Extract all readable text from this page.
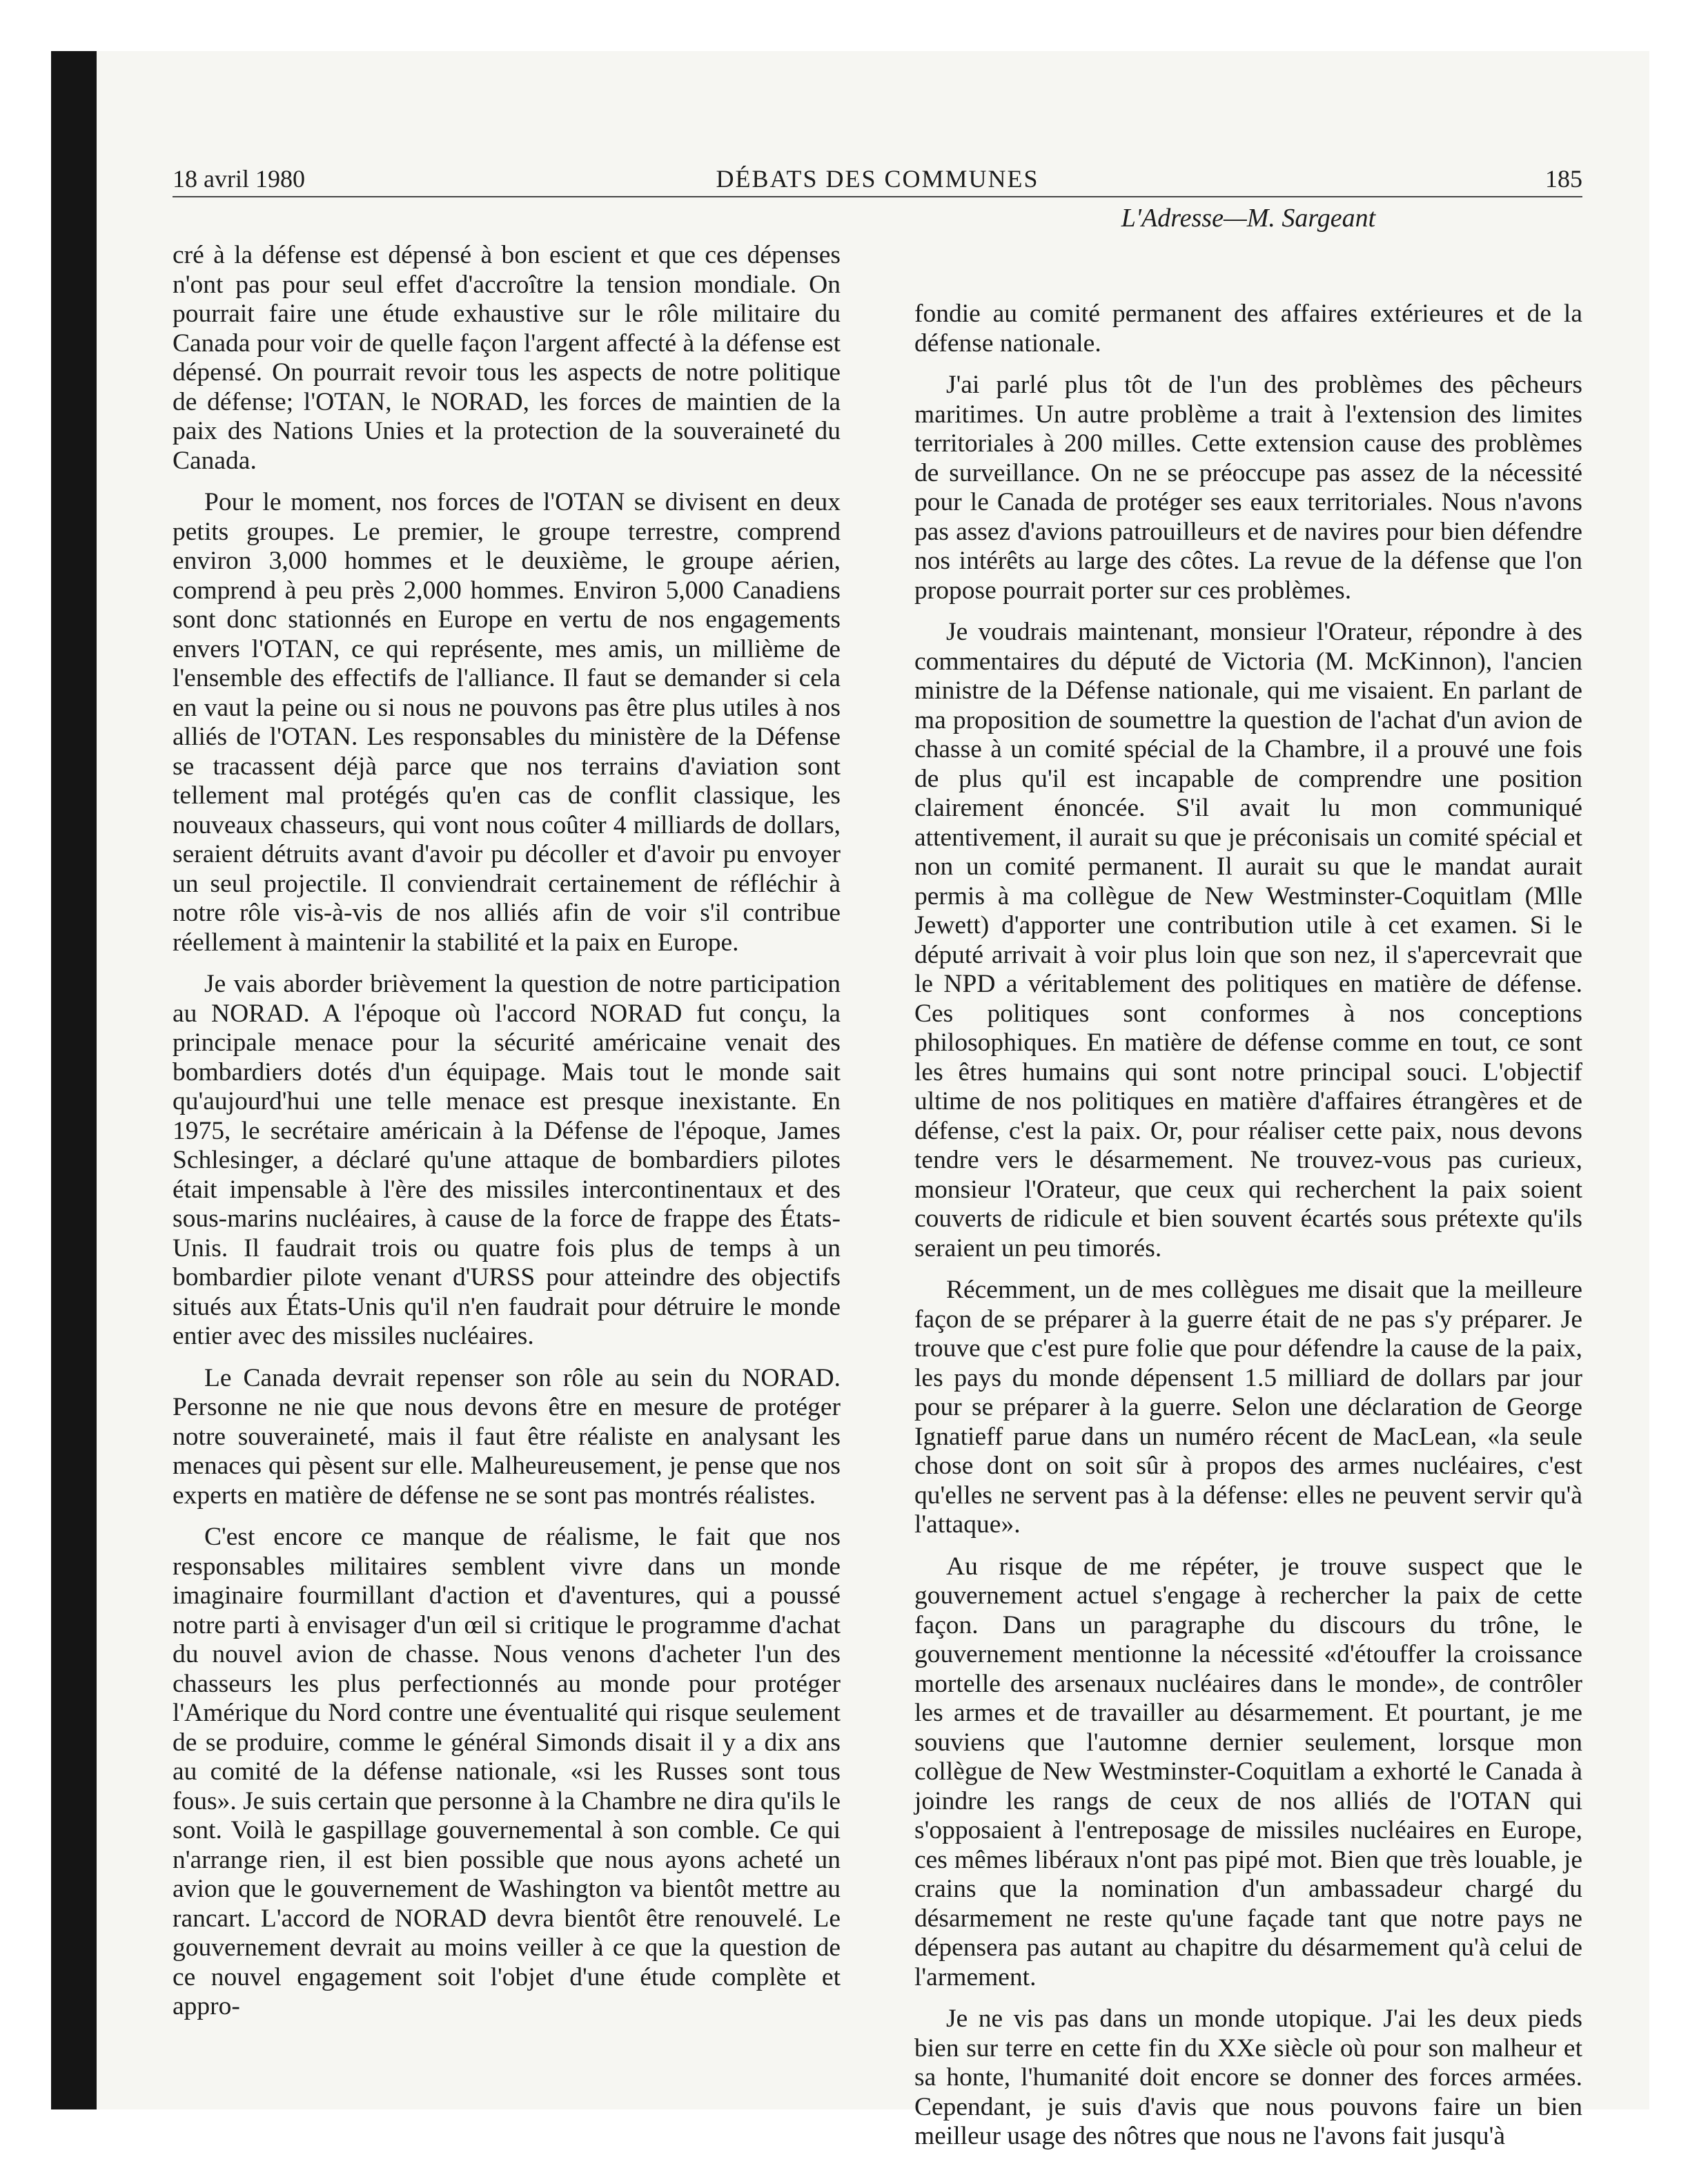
18 avril 1980	DÉBATS DES COMMUNES	185
L'Adresse—M. Sargeant

cré à la défense est dépensé à bon escient et que ces dépenses n'ont pas pour seul effet d'accroître la tension mondiale. On pourrait faire une étude exhaustive sur le rôle militaire du Canada pour voir de quelle façon l'argent affecté à la défense est dépensé. On pourrait revoir tous les aspects de notre politique de défense; l'OTAN, le NORAD, les forces de maintien de la paix des Nations Unies et la protection de la souveraineté du Canada.

Pour le moment, nos forces de l'OTAN se divisent en deux petits groupes. Le premier, le groupe terrestre, comprend environ 3,000 hommes et le deuxième, le groupe aérien, comprend à peu près 2,000 hommes. Environ 5,000 Canadiens sont donc stationnés en Europe en vertu de nos engagements envers l'OTAN, ce qui représente, mes amis, un millième de l'ensemble des effectifs de l'alliance. Il faut se demander si cela en vaut la peine ou si nous ne pouvons pas être plus utiles à nos alliés de l'OTAN. Les responsables du ministère de la Défense se tracassent déjà parce que nos terrains d'aviation sont tellement mal protégés qu'en cas de conflit classique, les nouveaux chasseurs, qui vont nous coûter 4 milliards de dollars, seraient détruits avant d'avoir pu décoller et d'avoir pu envoyer un seul projectile. Il conviendrait certainement de réfléchir à notre rôle vis-à-vis de nos alliés afin de voir s'il contribue réellement à maintenir la stabilité et la paix en Europe.

Je vais aborder brièvement la question de notre participation au NORAD. A l'époque où l'accord NORAD fut conçu, la principale menace pour la sécurité américaine venait des bombardiers dotés d'un équipage. Mais tout le monde sait qu'aujourd'hui une telle menace est presque inexistante. En 1975, le secrétaire américain à la Défense de l'époque, James Schlesinger, a déclaré qu'une attaque de bombardiers pilotes était impensable à l'ère des missiles intercontinentaux et des sous-marins nucléaires, à cause de la force de frappe des États-Unis. Il faudrait trois ou quatre fois plus de temps à un bombardier pilote venant d'URSS pour atteindre des objectifs situés aux États-Unis qu'il n'en faudrait pour détruire le monde entier avec des missiles nucléaires.

Le Canada devrait repenser son rôle au sein du NORAD. Personne ne nie que nous devons être en mesure de protéger notre souveraineté, mais il faut être réaliste en analysant les menaces qui pèsent sur elle. Malheureusement, je pense que nos experts en matière de défense ne se sont pas montrés réalistes.

C'est encore ce manque de réalisme, le fait que nos responsables militaires semblent vivre dans un monde imaginaire fourmillant d'action et d'aventures, qui a poussé notre parti à envisager d'un œil si critique le programme d'achat du nouvel avion de chasse. Nous venons d'acheter l'un des chasseurs les plus perfectionnés au monde pour protéger l'Amérique du Nord contre une éventualité qui risque seulement de se produire, comme le général Simonds disait il y a dix ans au comité de la défense nationale, «si les Russes sont tous fous». Je suis certain que personne à la Chambre ne dira qu'ils le sont. Voilà le gaspillage gouvernemental à son comble. Ce qui n'arrange rien, il est bien possible que nous ayons acheté un avion que le gouvernement de Washington va bientôt mettre au rancart. L'accord de NORAD devra bientôt être renouvelé. Le gouvernement devrait au moins veiller à ce que la question de ce nouvel engagement soit l'objet d'une étude complète et appro-

fondie au comité permanent des affaires extérieures et de la défense nationale.

J'ai parlé plus tôt de l'un des problèmes des pêcheurs maritimes. Un autre problème a trait à l'extension des limites territoriales à 200 milles. Cette extension cause des problèmes de surveillance. On ne se préoccupe pas assez de la nécessité pour le Canada de protéger ses eaux territoriales. Nous n'avons pas assez d'avions patrouilleurs et de navires pour bien défendre nos intérêts au large des côtes. La revue de la défense que l'on propose pourrait porter sur ces problèmes.

Je voudrais maintenant, monsieur l'Orateur, répondre à des commentaires du député de Victoria (M. McKinnon), l'ancien ministre de la Défense nationale, qui me visaient. En parlant de ma proposition de soumettre la question de l'achat d'un avion de chasse à un comité spécial de la Chambre, il a prouvé une fois de plus qu'il est incapable de comprendre une position clairement énoncée. S'il avait lu mon communiqué attentivement, il aurait su que je préconisais un comité spécial et non un comité permanent. Il aurait su que le mandat aurait permis à ma collègue de New Westminster-Coquitlam (Mlle Jewett) d'apporter une contribution utile à cet examen. Si le député arrivait à voir plus loin que son nez, il s'apercevrait que le NPD a véritablement des politiques en matière de défense. Ces politiques sont conformes à nos conceptions philosophiques. En matière de défense comme en tout, ce sont les êtres humains qui sont notre principal souci. L'objectif ultime de nos politiques en matière d'affaires étrangères et de défense, c'est la paix. Or, pour réaliser cette paix, nous devons tendre vers le désarmement. Ne trouvez-vous pas curieux, monsieur l'Orateur, que ceux qui recherchent la paix soient couverts de ridicule et bien souvent écartés sous prétexte qu'ils seraient un peu timorés.

Récemment, un de mes collègues me disait que la meilleure façon de se préparer à la guerre était de ne pas s'y préparer. Je trouve que c'est pure folie que pour défendre la cause de la paix, les pays du monde dépensent 1.5 milliard de dollars par jour pour se préparer à la guerre. Selon une déclaration de George Ignatieff parue dans un numéro récent de MacLean, «la seule chose dont on soit sûr à propos des armes nucléaires, c'est qu'elles ne servent pas à la défense: elles ne peuvent servir qu'à l'attaque».

Au risque de me répéter, je trouve suspect que le gouvernement actuel s'engage à rechercher la paix de cette façon. Dans un paragraphe du discours du trône, le gouvernement mentionne la nécessité «d'étouffer la croissance mortelle des arsenaux nucléaires dans le monde», de contrôler les armes et de travailler au désarmement. Et pourtant, je me souviens que l'automne dernier seulement, lorsque mon collègue de New Westminster-Coquitlam a exhorté le Canada à joindre les rangs de ceux de nos alliés de l'OTAN qui s'opposaient à l'entreposage de missiles nucléaires en Europe, ces mêmes libéraux n'ont pas pipé mot. Bien que très louable, je crains que la nomination d'un ambassadeur chargé du désarmement ne reste qu'une façade tant que notre pays ne dépensera pas autant au chapitre du désarmement qu'à celui de l'armement.

Je ne vis pas dans un monde utopique. J'ai les deux pieds bien sur terre en cette fin du XXe siècle où pour son malheur et sa honte, l'humanité doit encore se donner des forces armées. Cependant, je suis d'avis que nous pouvons faire un bien meilleur usage des nôtres que nous ne l'avons fait jusqu'à
